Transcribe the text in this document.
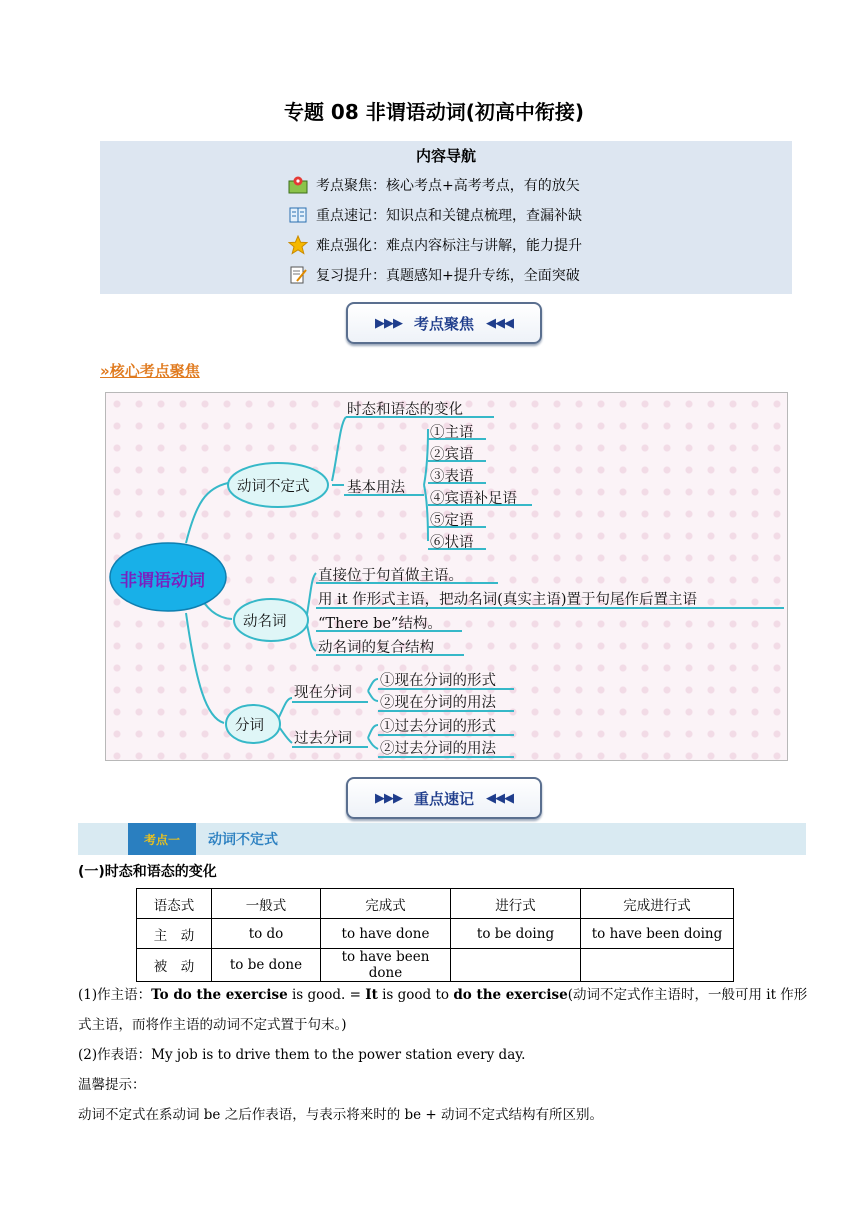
专题 08 非谓语动词(初高中衔接)
内容导航
考点聚焦：核心考点+高考考点，有的放矢
重点速记：知识点和关键点梳理，查漏补缺
难点强化：难点内容标注与讲解，能力提升
复习提升：真题感知+提升专练，全面突破
▶▶▶ 考点聚焦 ◀◀◀
»核心考点聚焦
非谓语动词
动词不定式
时态和语态的变化
基本用法
①主语
②宾语
③表语
④宾语补足语
⑤定语
⑥状语
动名词
直接位于句首做主语。
用 it 作形式主语，把动名词(真实主语)置于句尾作后置主语
“There be”结构。
动名词的复合结构
分词
现在分词
过去分词
①现在分词的形式
②现在分词的用法
①过去分词的形式
②过去分词的用法
▶▶▶ 重点速记 ◀◀◀
考点一	动词不定式
(一)时态和语态的变化
语态式	一般式	完成式	进行式	完成进行式
主　动	to do	to have done	to be doing	to have been doing
被　动	to be done	to have been done		
(1)作主语：To do the exercise is good. = It is good to do the exercise(动词不定式作主语时，一般可用 it 作形
式主语，而将作主语的动词不定式置于句末。)
(2)作表语：My job is to drive them to the power station every day.
温馨提示：
动词不定式在系动词 be 之后作表语，与表示将来时的 be + 动词不定式结构有所区别。
